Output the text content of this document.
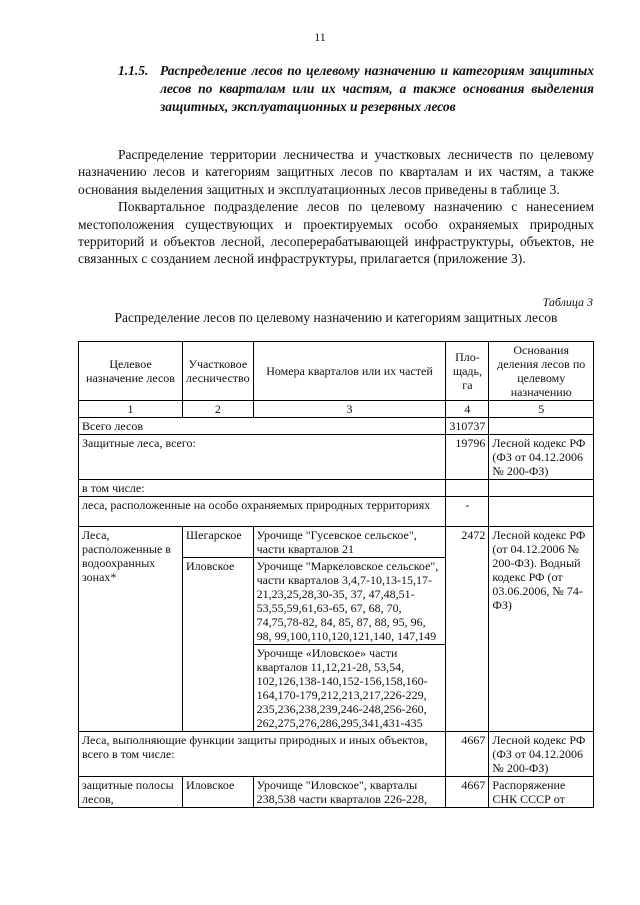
11
1.1.5. Распределение лесов по целевому назначению и категориям защитных лесов по кварталам или их частям, а также основания выделения защитных, эксплуатационных и резервных лесов

Распределение территории лесничества и участковых лесничеств по целевому назначению лесов и категориям защитных лесов по кварталам и их частям, а также основания выделения защитных и эксплуатационных лесов приведены в таблице 3.

Поквартальное подразделение лесов по целевому назначению с нанесением местоположения существующих и проектируемых особо охраняемых природных территорий и объектов лесной, лесоперерабатывающей инфраструктуры, объектов, не связанных с созданием лесной инфраструктуры, прилагается (приложение 3).

Таблица 3
Распределение лесов по целевому назначению и категориям защитных лесов
Целевое назначение лесов	Участковое лесничество	Номера кварталов или их частей	Пло-щадь, га	Основания деления лесов по целевому назначению
1	2	3	4	5
Всего лесов			310737	
Защитные леса, всего:			19796	Лесной кодекс РФ (ФЗ от 04.12.2006 № 200-ФЗ)
в том числе:				
леса, расположенные на особо охраняемых природных территориях			-	
Леса, расположенные в водоохранных зонах*	Шегарское	Урочище "Гусевское сельское", части кварталов 21	2472	Лесной кодекс РФ (от 04.12.2006 № 200-ФЗ). Водный кодекс РФ (от 03.06.2006, № 74-ФЗ)
	Иловское	Урочище "Маркеловское сельское", части кварталов 3,4,7-10,13-15,17-21,23,25,28,30-35, 37, 47,48,51-53,55,59,61,63-65, 67, 68, 70, 74,75,78-82, 84, 85, 87, 88, 95, 96, 98, 99,100,110,120,121,140, 147,149		
		Урочище «Иловское» части кварталов 11,12,21-28, 53,54, 102,126,138-140,152-156,158,160-164,170-179,212,213,217,226-229, 235,236,238,239,246-248,256-260, 262,275,276,286,295,341,431-435		
Леса, выполняющие функции защиты природных и иных объектов, всего в том числе:			4667	Лесной кодекс РФ (ФЗ от 04.12.2006 № 200-ФЗ)
защитные полосы лесов,	Иловское	Урочище "Иловское", кварталы 238,538 части кварталов 226-228,	4667	Распоряжение СНК СССР от
